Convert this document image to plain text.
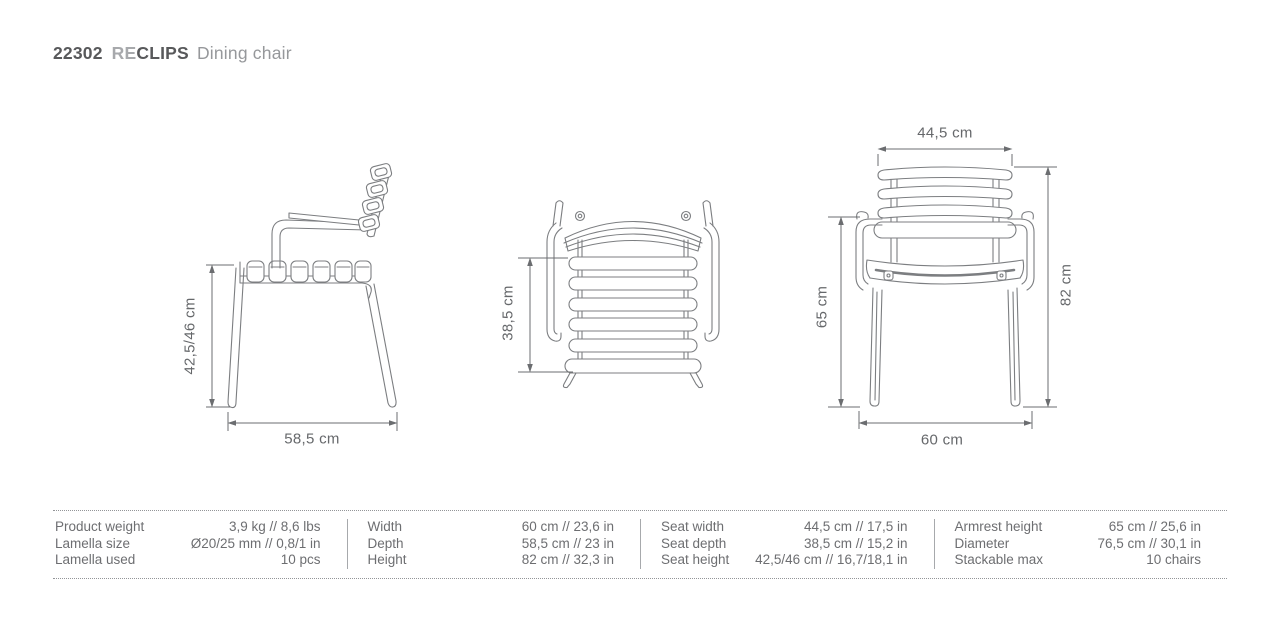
22302 RECLIPS Dining chair
42,5/46 cm
58,5 cm
38,5 cm
44,5 cm
65 cm
82 cm
60 cm
Product weight	3,9 kg // 8,6 lbs
Lamella size	Ø20/25 mm // 0,8/1 in
Lamella used	10 pcs
Width	60 cm // 23,6 in
Depth	58,5 cm // 23 in
Height	82 cm // 32,3 in
Seat width	44,5 cm // 17,5 in
Seat depth	38,5 cm // 15,2 in
Seat height 42,5/46 cm // 16,7/18,1 in
Armrest height	65 cm // 25,6 in
Diameter	76,5 cm // 30,1 in
Stackable max	10 chairs
